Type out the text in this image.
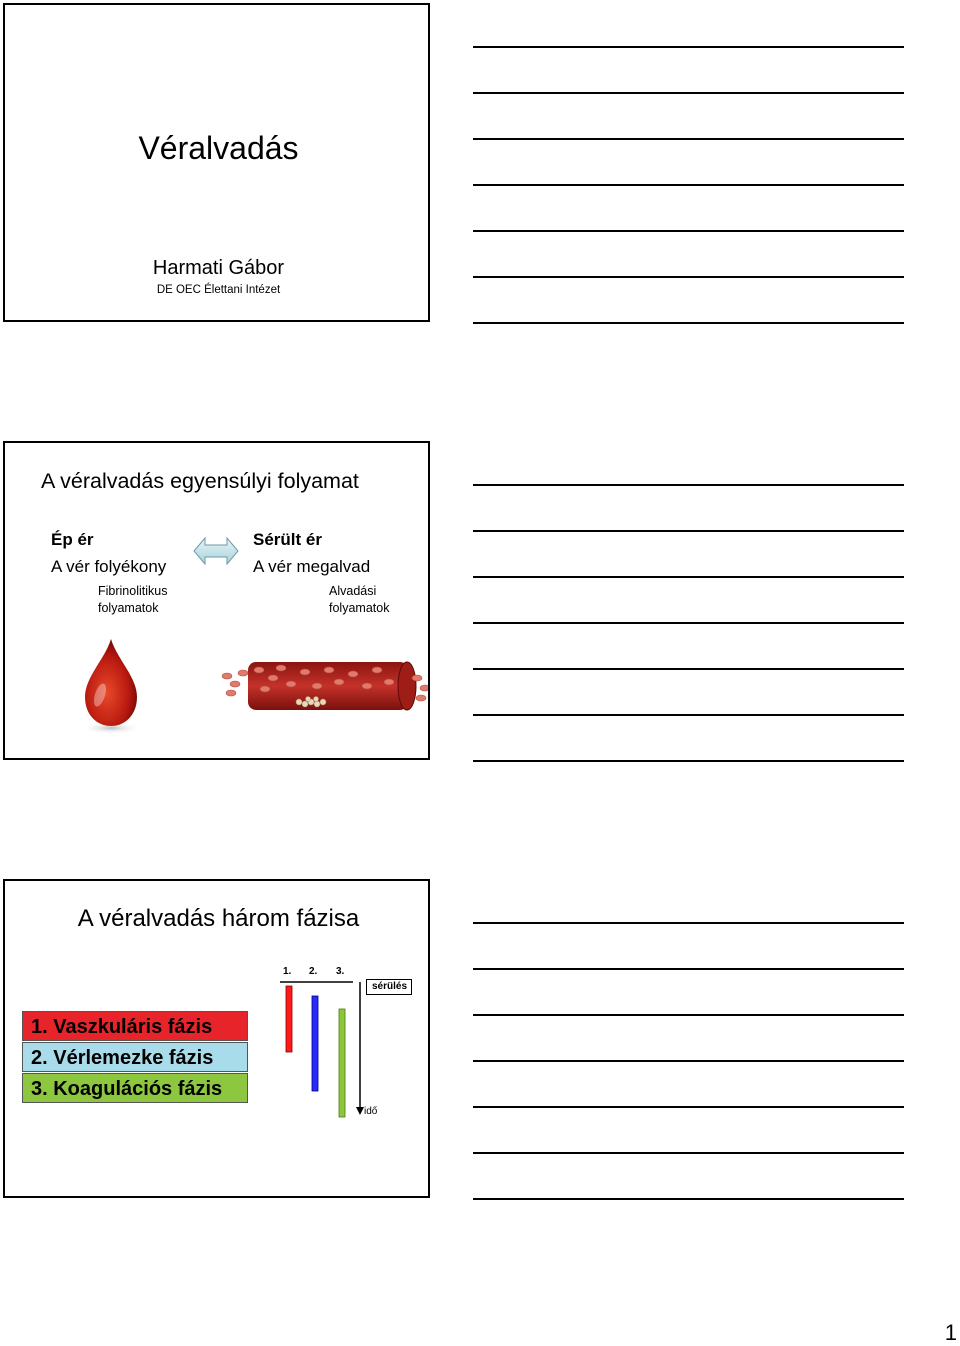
Véralvadás
Harmati Gábor
DE OEC Élettani Intézet
A véralvadás egyensúlyi folyamat
Ép ér
A vér folyékony
Fibrinolitikus
folyamatok
Sérült ér
A vér megalvad
Alvadási
folyamatok
A véralvadás három fázisa
1. Vaszkuláris fázis
2. Vérlemezke fázis
3. Koagulációs fázis
1. 2. 3.
sérülés
idő
1
